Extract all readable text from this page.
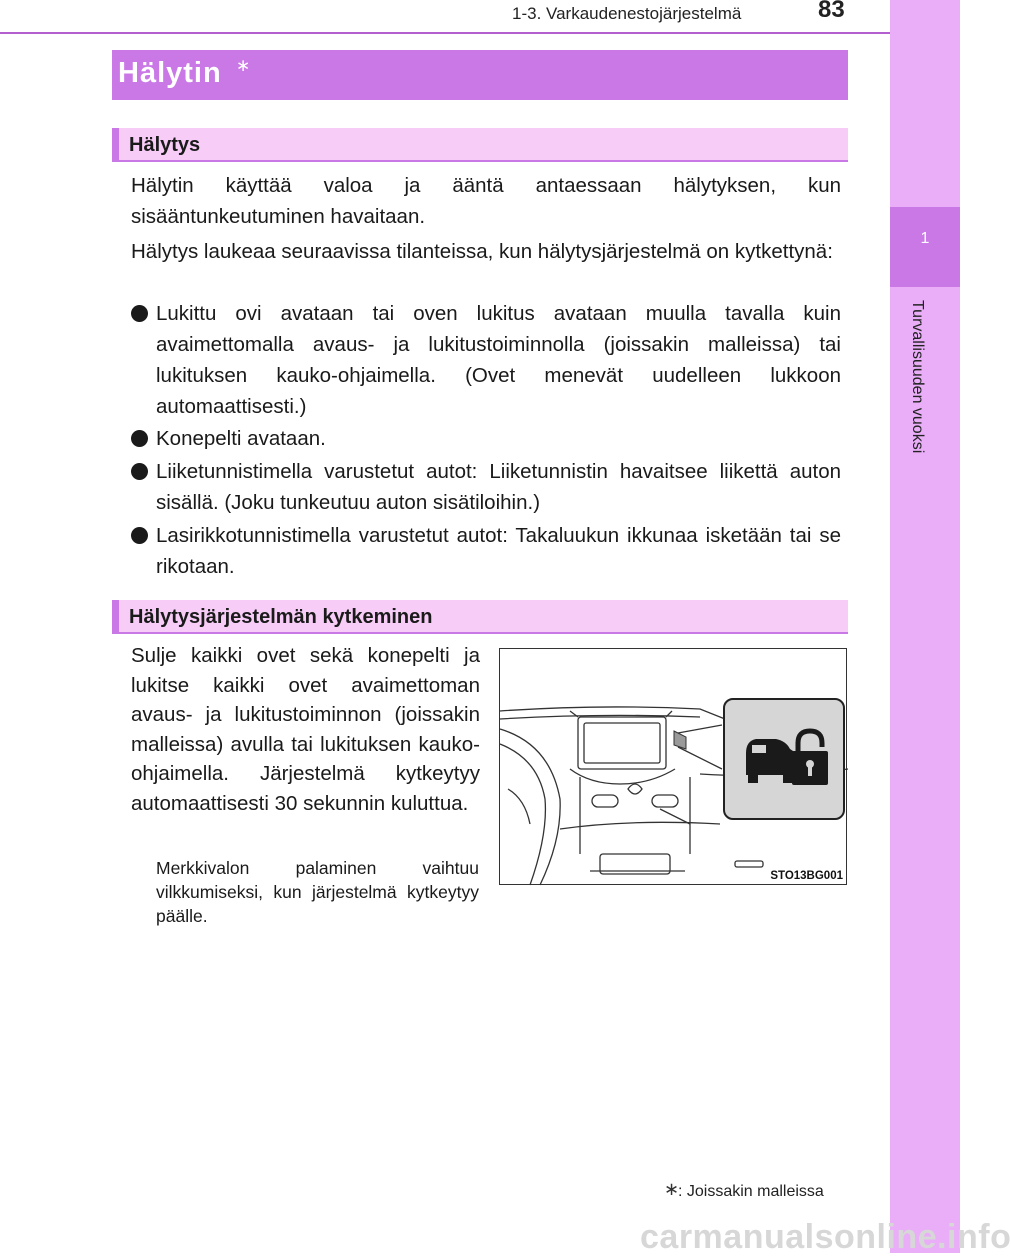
1-3. Varkaudenestojärjestelmä	83
1
Turvallisuuden vuoksi
Hälytin ∗
Hälytys

Hälytin käyttää valoa ja ääntä antaessaan hälytyksen, kun sisääntunkeutuminen havaitaan.

Hälytys laukeaa seuraavissa tilanteissa, kun hälytysjärjestelmä on kytkettynä:

Lukittu ovi avataan tai oven lukitus avataan muulla tavalla kuin avaimettomalla avaus- ja lukitustoiminnolla (joissakin malleissa) tai lukituksen kauko-ohjaimella. (Ovet menevät uudelleen lukkoon automaattisesti.)
Konepelti avataan.
Liiketunnistimella varustetut autot: Liiketunnistin havaitsee liikettä auton sisällä. (Joku tunkeutuu auton sisätiloihin.)
Lasirikkotunnistimella varustetut autot: Takaluukun ikkunaa isketään tai se rikotaan.
Hälytysjärjestelmän kytkeminen

Sulje kaikki ovet sekä konepelti ja lukitse kaikki ovet avaimettoman avaus- ja lukitustoiminnon (joissakin malleissa) avulla tai lukituksen kauko-ohjaimella. Järjestelmä kytkeytyy automaattisesti 30 sekunnin kuluttua.

Merkkivalon palaminen vaihtuu vilkkumiseksi, kun järjestelmä kytkeytyy päälle.

STO13BG001
∗
: Joissakin malleissa
carmanualsonline.info
